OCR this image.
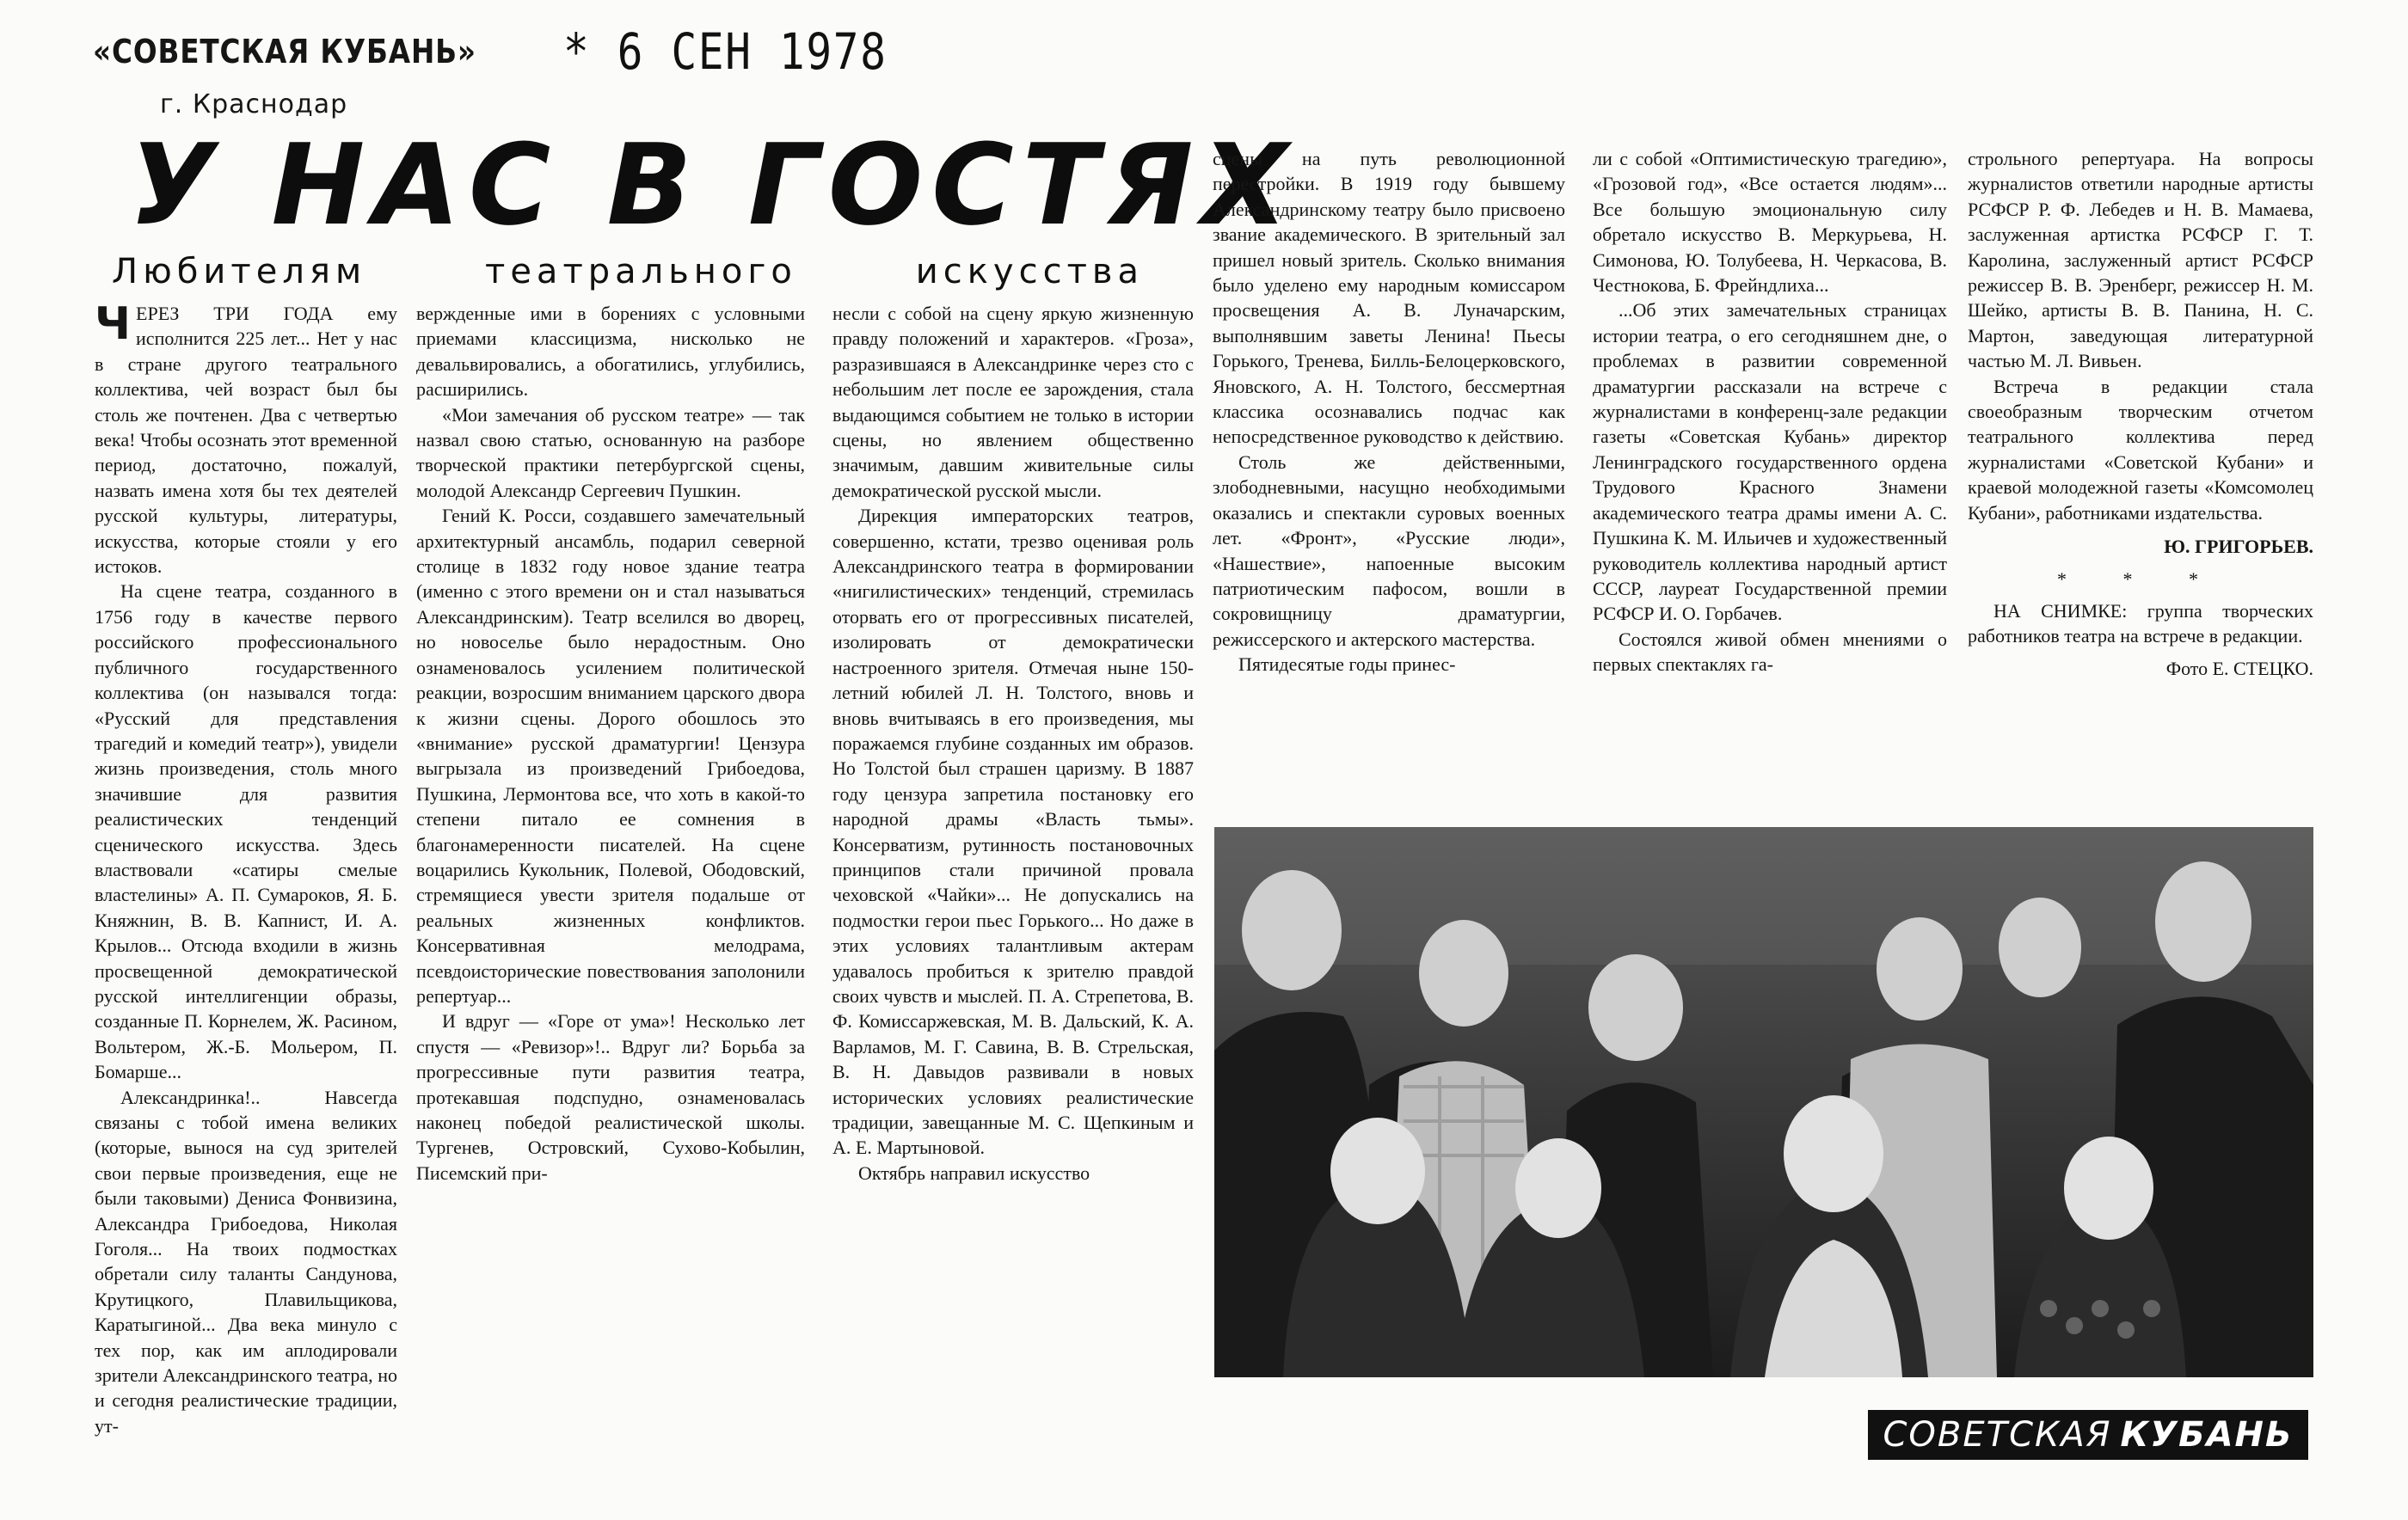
«СОВЕТСКАЯ КУБАНЬ»
г. Краснодар
* 6 СЕН 1978
У НАС В ГОСТЯХ
Любителям	театрального	искусства
Ч ЕРЕЗ ТРИ ГОДА ему исполнится 225 лет... Нет у нас в стране другого театрального коллектива, чей возраст был бы столь же почтенен. Два с четвертью века! Чтобы осознать этот временной период, достаточно, пожалуй, назвать имена хотя бы тех деятелей русской культуры, литературы, искусства, которые стояли у его истоков.

На сцене театра, созданного в 1756 году в качестве первого российского профессионального публичного государственного коллектива (он назывался тогда: «Русский для представления трагедий и комедий театр»), увидели жизнь произведения, столь много значившие для развития реалистических тенденций сценического искусства. Здесь властвовали «сатиры смелые властелины» А. П. Сумароков, Я. Б. Княжнин, В. В. Капнист, И. А. Крылов... Отсюда входили в жизнь просвещенной демократической русской интеллигенции образы, созданные П. Корнелем, Ж. Расином, Вольтером, Ж.-Б. Мольером, П. Бомарше...

Александринка!.. Навсегда связаны с тобой имена великих (которые, вынося на суд зрителей свои первые произведения, еще не были таковыми) Дениса Фонвизина, Александра Грибоедова, Николая Гоголя... На твоих подмостках обретали силу таланты Сандунова, Крутицкого, Плавильщикова, Каратыгиной... Два века минуло с тех пор, как им аплодировали зрители Александринского театра, но и сегодня реалистические традиции, ут-

вержденные ими в борениях с условными приемами классицизма, нисколько не девальвировались, а обогатились, углубились, расширились.

«Мои замечания об русском театре» — так назвал свою статью, основанную на разборе творческой практики петербургской сцены, молодой Александр Сергеевич Пушкин.

Гений К. Росси, создавшего замечательный архитектурный ансамбль, подарил северной столице в 1832 году новое здание театра (именно с этого времени он и стал называться Александринским). Театр вселился во дворец, но новоселье было нерадостным. Оно ознаменовалось усилением политической реакции, возросшим вниманием царского двора к жизни сцены. Дорого обошлось это «внимание» русской драматургии! Цензура выгрызала из произведений Грибоедова, Пушкина, Лермонтова все, что хоть в какой-то степени питало ее сомнения в благонамеренности писателей. На сцене воцарились Кукольник, Полевой, Ободовский, стремящиеся увести зрителя подальше от реальных жизненных конфликтов. Консервативная мелодрама, псевдоисторические повествования заполонили репертуар...

И вдруг — «Горе от ума»! Несколько лет спустя — «Ревизор»!.. Вдруг ли? Борьба за прогрессивные пути развития театра, протекавшая подспудно, ознаменовалась наконец победой реалистической школы. Тургенев, Островский, Сухово-Кобылин, Писемский при-

несли с собой на сцену яркую жизненную правду положений и характеров. «Гроза», разразившаяся в Александринке через сто с небольшим лет после ее зарождения, стала выдающимся событием не только в истории сцены, но явлением общественно значимым, давшим живительные силы демократической русской мысли.

Дирекция императорских театров, совершенно, кстати, трезво оценивая роль Александринского театра в формировании «нигилистических» тенденций, стремилась оторвать его от прогрессивных писателей, изолировать от демократически настроенного зрителя. Отмечая ныне 150-летний юбилей Л. Н. Толстого, вновь и вновь вчитываясь в его произведения, мы поражаемся глубине созданных им образов. Но Толстой был страшен царизму. В 1887 году цензура запретила постановку его народной драмы «Власть тьмы». Консерватизм, рутинность постановочных принципов стали причиной провала чеховской «Чайки»... Не допускались на подмостки герои пьес Горького... Но даже в этих условиях талантливым актерам удавалось пробиться к зрителю правдой своих чувств и мыслей. П. А. Стрепетова, В. Ф. Комиссаржевская, М. В. Дальский, К. А. Варламов, М. Г. Савина, В. В. Стрельская, В. Н. Давыдов развивали в новых исторических условиях реалистические традиции, завещанные М. С. Щепкиным и А. Е. Мартыновой.

Октябрь направил искусство

сцены на путь революционной перестройки. В 1919 году бывшему Александринскому театру было присвоено звание академического. В зрительный зал пришел новый зритель. Сколько внимания было уделено ему народным комиссаром просвещения А. В. Луначарским, выполнявшим заветы Ленина! Пьесы Горького, Тренева, Билль-Белоцерковского, Яновского, А. Н. Толстого, бессмертная классика осознавались подчас как непосредственное руководство к действию.

Столь же действенными, злободневными, насущно необходимыми оказались и спектакли суровых военных лет. «Фронт», «Русские люди», «Нашествие», напоенные высоким патриотическим пафосом, вошли в сокровищницу драматургии, режиссерского и актерского мастерства.

Пятидесятые годы принес-

ли с собой «Оптимистическую трагедию», «Грозовой год», «Все остается людям»... Все большую эмоциональную силу обретало искусство В. Меркурьева, Н. Симонова, Ю. Толубеева, Н. Черкасова, В. Честнокова, Б. Фрейндлиха...

...Об этих замечательных страницах истории театра, о его сегодняшнем дне, о проблемах в развитии современной драматургии рассказали на встрече с журналистами в конференц-зале редакции газеты «Советская Кубань» директор Ленинградского государственного ордена Трудового Красного Знамени академического театра драмы имени А. С. Пушкина К. М. Ильичев и художественный руководитель коллектива народный артист СССР, лауреат Государственной премии РСФСР И. О. Горбачев.

Состоялся живой обмен мнениями о первых спектаклях га-

строльного репертуара. На вопросы журналистов ответили народные артисты РСФСР Р. Ф. Лебедев и Н. В. Мамаева, заслуженная артистка РСФСР Г. Т. Каролина, заслуженный артист РСФСР режиссер В. В. Эренберг, режиссер Н. М. Шейко, артисты В. В. Панина, Н. С. Мартон, заведующая литературной частью М. Л. Вивьен.

Встреча в редакции стала своеобразным творческим отчетом театрального коллектива перед журналистами «Советской Кубани» и краевой молодежной газеты «Комсомолец Кубани», работниками издательства.

Ю. ГРИГОРЬЕВ.

* * *

НА СНИМКЕ: группа творческих работников театра на встрече в редакции.

Фото Е. СТЕЦКО.

СОВЕТСКАЯ КУБАНЬ
